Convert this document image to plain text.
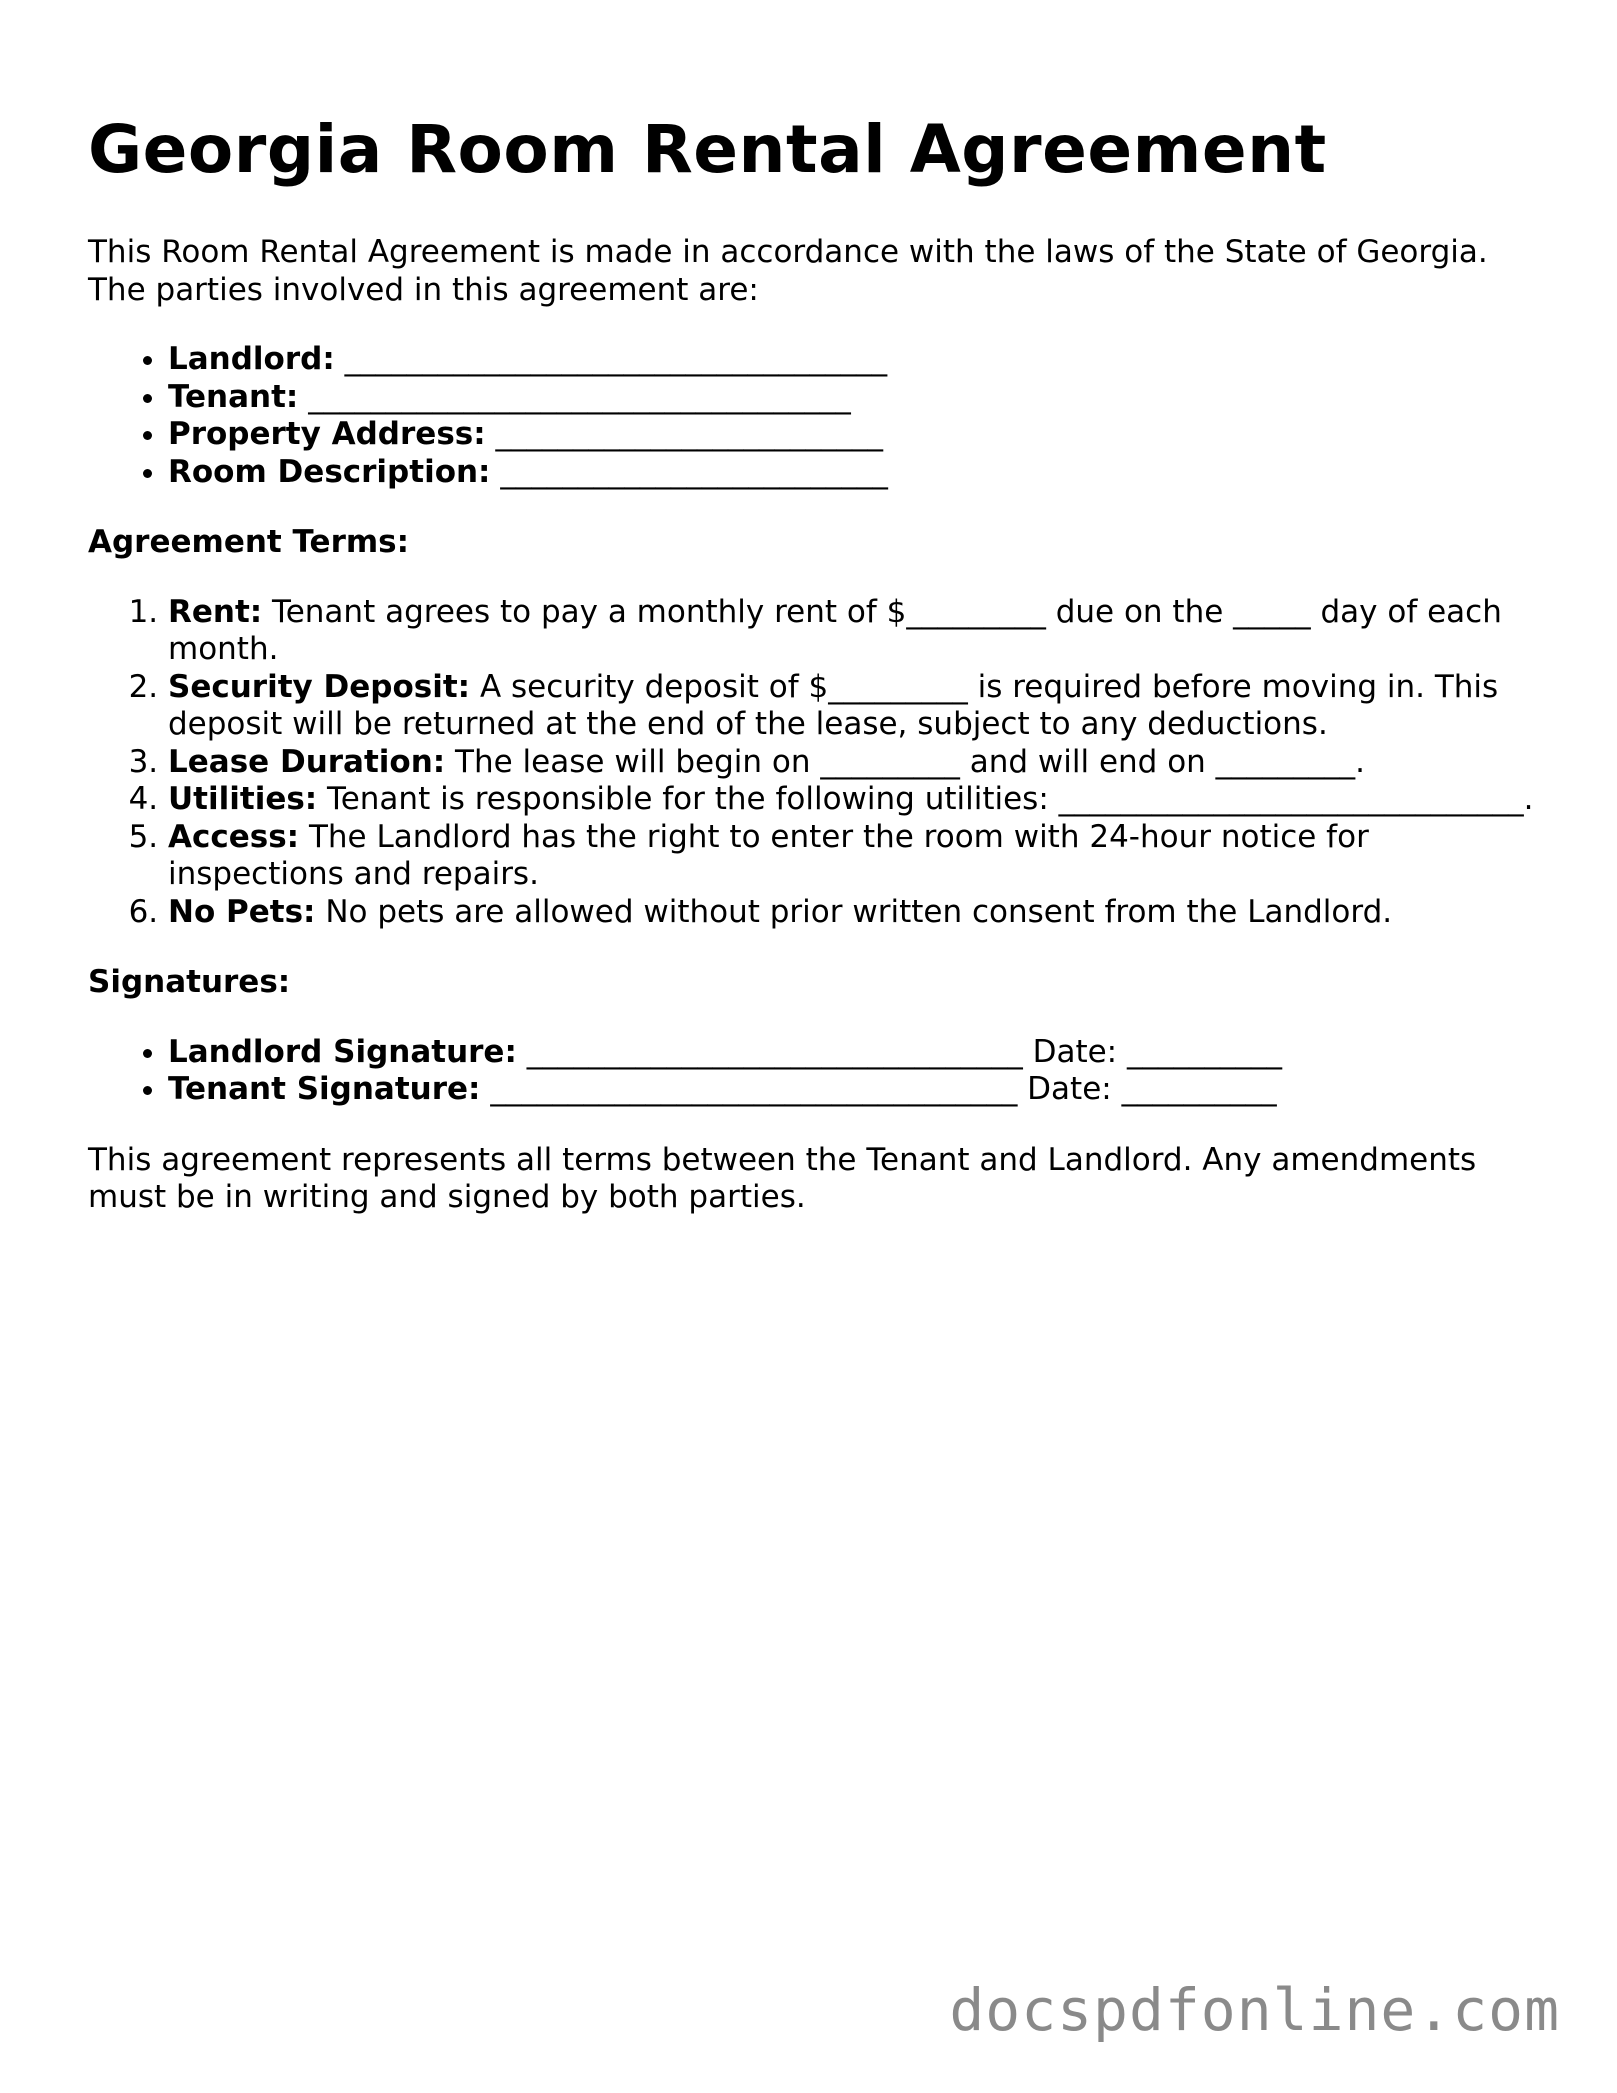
Georgia Room Rental Agreement

This Room Rental Agreement is made in accordance with the laws of the State of Georgia. The parties involved in this agreement are:

• Landlord: ___________________________________
• Tenant: ___________________________________
• Property Address: _________________________
• Room Description: _________________________

Agreement Terms:

1. Rent: Tenant agrees to pay a monthly rent of $_________ due on the _____ day of each month.
2. Security Deposit: A security deposit of $_________ is required before moving in. This deposit will be returned at the end of the lease, subject to any deductions.
3. Lease Duration: The lease will begin on _________ and will end on _________.
4. Utilities: Tenant is responsible for the following utilities: ______________________________.
5. Access: The Landlord has the right to enter the room with 24-hour notice for inspections and repairs.
6. No Pets: No pets are allowed without prior written consent from the Landlord.

Signatures:

• Landlord Signature: ________________________________ Date: __________
• Tenant Signature: __________________________________ Date: __________

This agreement represents all terms between the Tenant and Landlord. Any amendments must be in writing and signed by both parties.

docspdfonline.com
